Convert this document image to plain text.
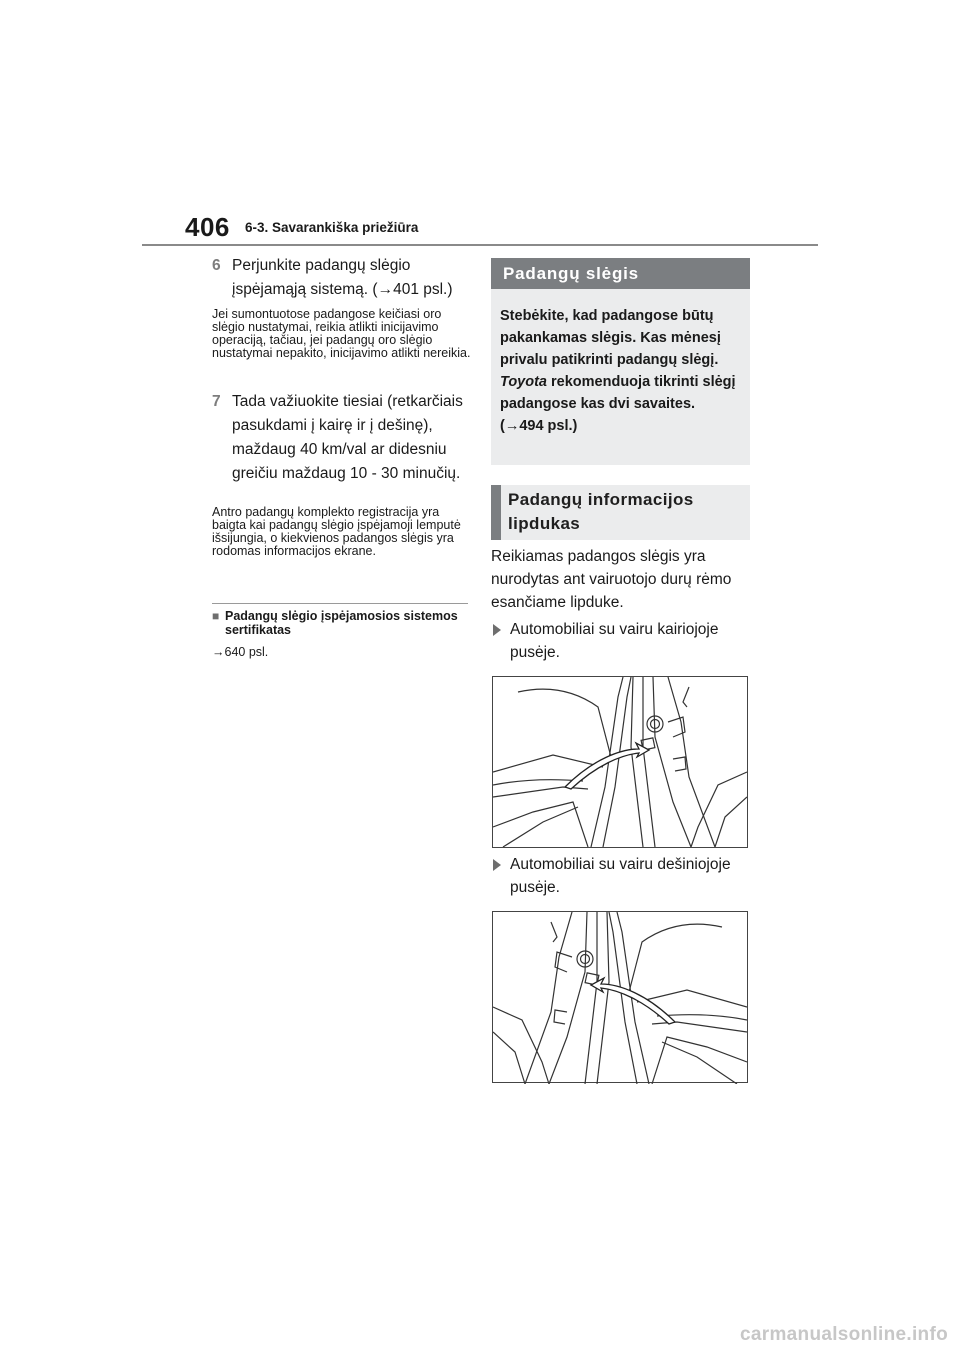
406 6-3. Savarankiška priežiūra
6 Perjunkite padangų slėgio įspėjamąją sistemą. (→401 psl.)
Jei sumontuotose padangose keičiasi oro slėgio nustatymai, reikia atlikti inicijavimo operaciją, tačiau, jei padangų oro slėgio nustatymai nepakito, inicijavimo atlikti nereikia.
7 Tada važiuokite tiesiai (retkarčiais pasukdami į kairę ir į dešinę), maždaug 40 km/val ar didesniu greičiu maždaug 10 - 30 minučių.
Antro padangų komplekto registracija yra baigta kai padangų slėgio įspėjamoji lemputė išsijungia, o kiekvienos padangos slėgis yra rodomas informacijos ekrane.
■ Padangų slėgio įspėjamosios sistemos sertifikatas
→640 psl.
Padangų slėgis
Stebėkite, kad padangose būtų pakankamas slėgis. Kas mėnesį privalu patikrinti padangų slėgį. Toyota rekomenduoja tikrinti slėgį padangose kas dvi savaites.
(→494 psl.)
Padangų informacijos lipdukas
Reikiamas padangos slėgis yra nurodytas ant vairuotojo durų rėmo esančiame lipduke.
Automobiliai su vairu kairiojoje pusėje.
Automobiliai su vairu dešiniojoje pusėje.
carmanualsonline.info
